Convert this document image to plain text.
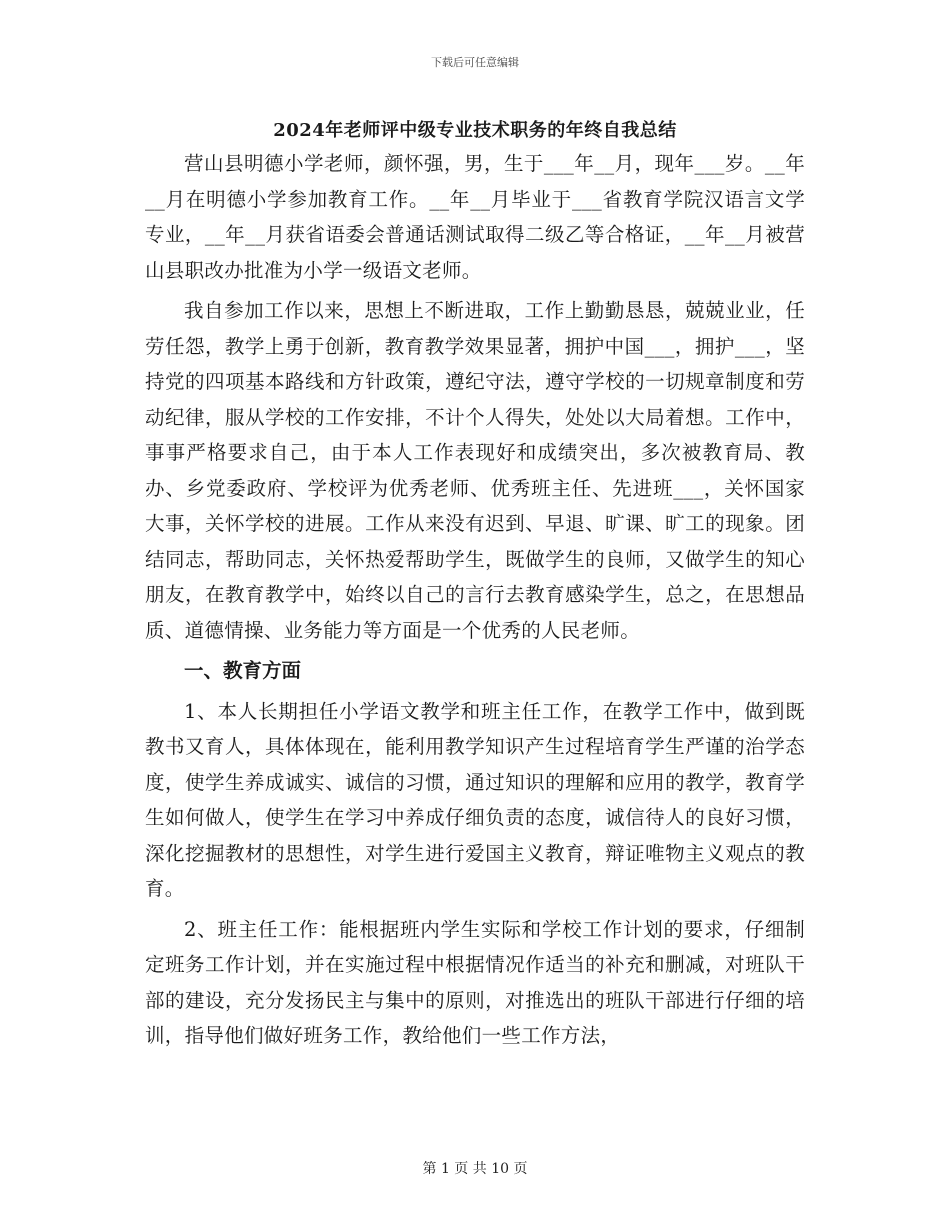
下载后可任意编辑
2024年老师评中级专业技术职务的年终自我总结

营山县明德小学老师，颜怀强，男，生于___年__月，现年___岁。__年__月在明德小学参加教育工作。__年__月毕业于___省教育学院汉语言文学专业，__年__月获省语委会普通话测试取得二级乙等合格证，__年__月被营山县职改办批准为小学一级语文老师。

我自参加工作以来，思想上不断进取，工作上勤勤恳恳，兢兢业业，任劳任怨，教学上勇于创新，教育教学效果显著，拥护中国___，拥护___，坚持党的四项基本路线和方针政策，遵纪守法，遵守学校的一切规章制度和劳动纪律，服从学校的工作安排，不计个人得失，处处以大局着想。工作中，事事严格要求自己，由于本人工作表现好和成绩突出，多次被教育局、教办、乡党委政府、学校评为优秀老师、优秀班主任、先进班___，关怀国家大事，关怀学校的进展。工作从来没有迟到、早退、旷课、旷工的现象。团结同志，帮助同志，关怀热爱帮助学生，既做学生的良师，又做学生的知心朋友，在教育教学中，始终以自己的言行去教育感染学生，总之，在思想品质、道德情操、业务能力等方面是一个优秀的人民老师。

一、教育方面

1、本人长期担任小学语文教学和班主任工作，在教学工作中，做到既教书又育人，具体体现在，能利用教学知识产生过程培育学生严谨的治学态度，使学生养成诚实、诚信的习惯，通过知识的理解和应用的教学，教育学生如何做人，使学生在学习中养成仔细负责的态度，诚信待人的良好习惯，深化挖掘教材的思想性，对学生进行爱国主义教育，辩证唯物主义观点的教育。

2、班主任工作：能根据班内学生实际和学校工作计划的要求，仔细制定班务工作计划，并在实施过程中根据情况作适当的补充和删减，对班队干部的建设，充分发扬民主与集中的原则，对推选出的班队干部进行仔细的培训，指导他们做好班务工作，教给他们一些工作方法，

第 1 页 共 10 页
